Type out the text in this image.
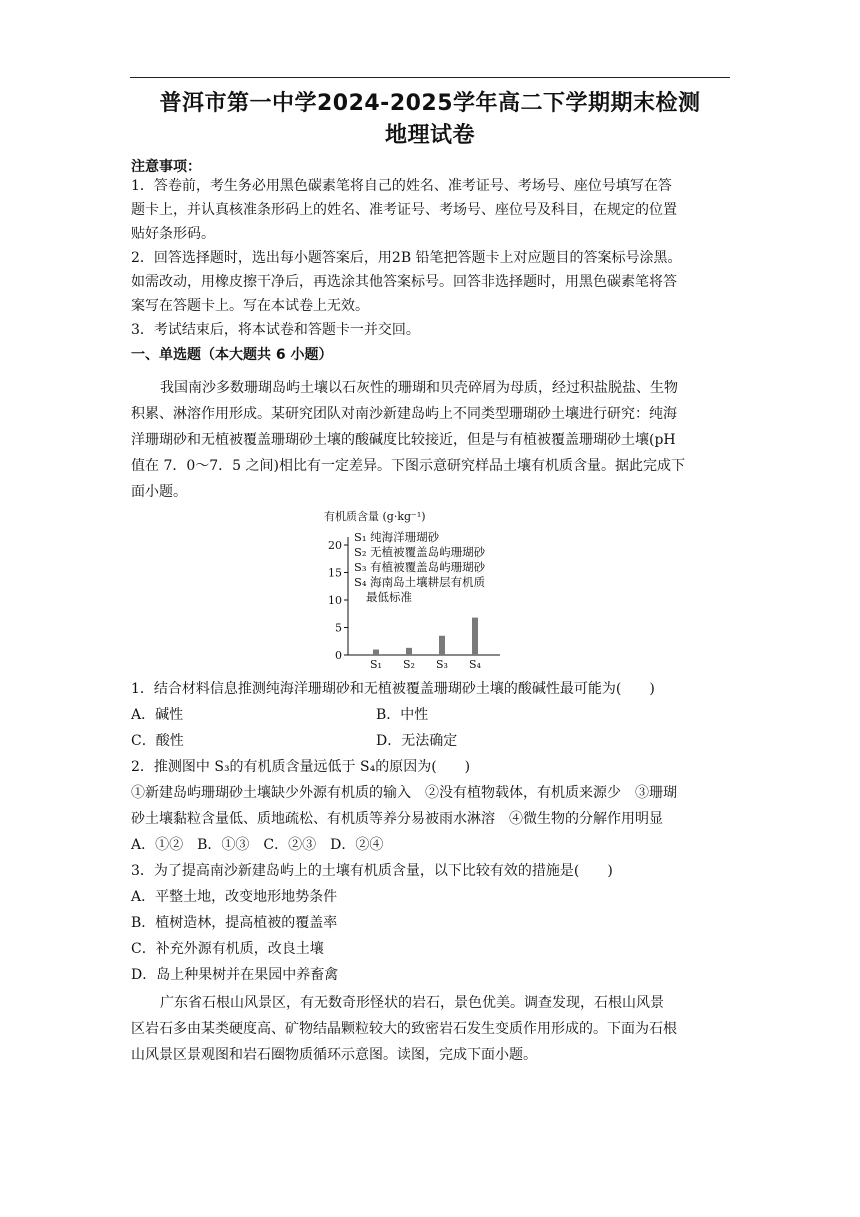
普洱市第一中学2024-2025学年高二下学期期末检测
地理试卷
注意事项：
1．答卷前，考生务必用黑色碳素笔将自己的姓名、准考证号、考场号、座位号填写在答
题卡上，并认真核准条形码上的姓名、准考证号、考场号、座位号及科目，在规定的位置
贴好条形码。
2．回答选择题时，选出每小题答案后，用2B 铅笔把答题卡上对应题目的答案标号涂黑。
如需改动，用橡皮擦干净后，再选涂其他答案标号。回答非选择题时，用黑色碳素笔将答
案写在答题卡上。写在本试卷上无效。
3．考试结束后，将本试卷和答题卡一并交回。
一、单选题（本大题共 6 小题）
我国南沙多数珊瑚岛屿土壤以石灰性的珊瑚和贝壳碎屑为母质，经过积盐脱盐、生物
积累、淋溶作用形成。某研究团队对南沙新建岛屿上不同类型珊瑚砂土壤进行研究：纯海
洋珊瑚砂和无植被覆盖珊瑚砂土壤的酸碱度比较接近，但是与有植被覆盖珊瑚砂土壤(pH
值在 7．0～7．5 之间)相比有一定差异。下图示意研究样品土壤有机质含量。据此完成下
面小题。
有机质含量 (g·kg⁻¹)
0
5
10
15
20
S₁ S₂ S₃ S₄
S₁ 纯海洋珊瑚砂
S₂ 无植被覆盖岛屿珊瑚砂
S₃ 有植被覆盖岛屿珊瑚砂
S₄ 海南岛土壤耕层有机质
最低标准
1．结合材料信息推测纯海洋珊瑚砂和无植被覆盖珊瑚砂土壤的酸碱性最可能为(　　)
A．碱性	B．中性
C．酸性	D．无法确定
2．推测图中 S₃的有机质含量远低于 S₄的原因为(　　)
①新建岛屿珊瑚砂土壤缺少外源有机质的输入　②没有植物载体，有机质来源少　③珊瑚
砂土壤黏粒含量低、质地疏松、有机质等养分易被雨水淋溶　④微生物的分解作用明显
A．①②　B．①③　C．②③　D．②④
3．为了提高南沙新建岛屿上的土壤有机质含量，以下比较有效的措施是(　　)
A．平整土地，改变地形地势条件
B．植树造林，提高植被的覆盖率
C．补充外源有机质，改良土壤
D．岛上种果树并在果园中养畜禽
广东省石根山风景区，有无数奇形怪状的岩石，景色优美。调查发现，石根山风景
区岩石多由某类硬度高、矿物结晶颗粒较大的致密岩石发生变质作用形成的。下面为石根
山风景区景观图和岩石圈物质循环示意图。读图，完成下面小题。
